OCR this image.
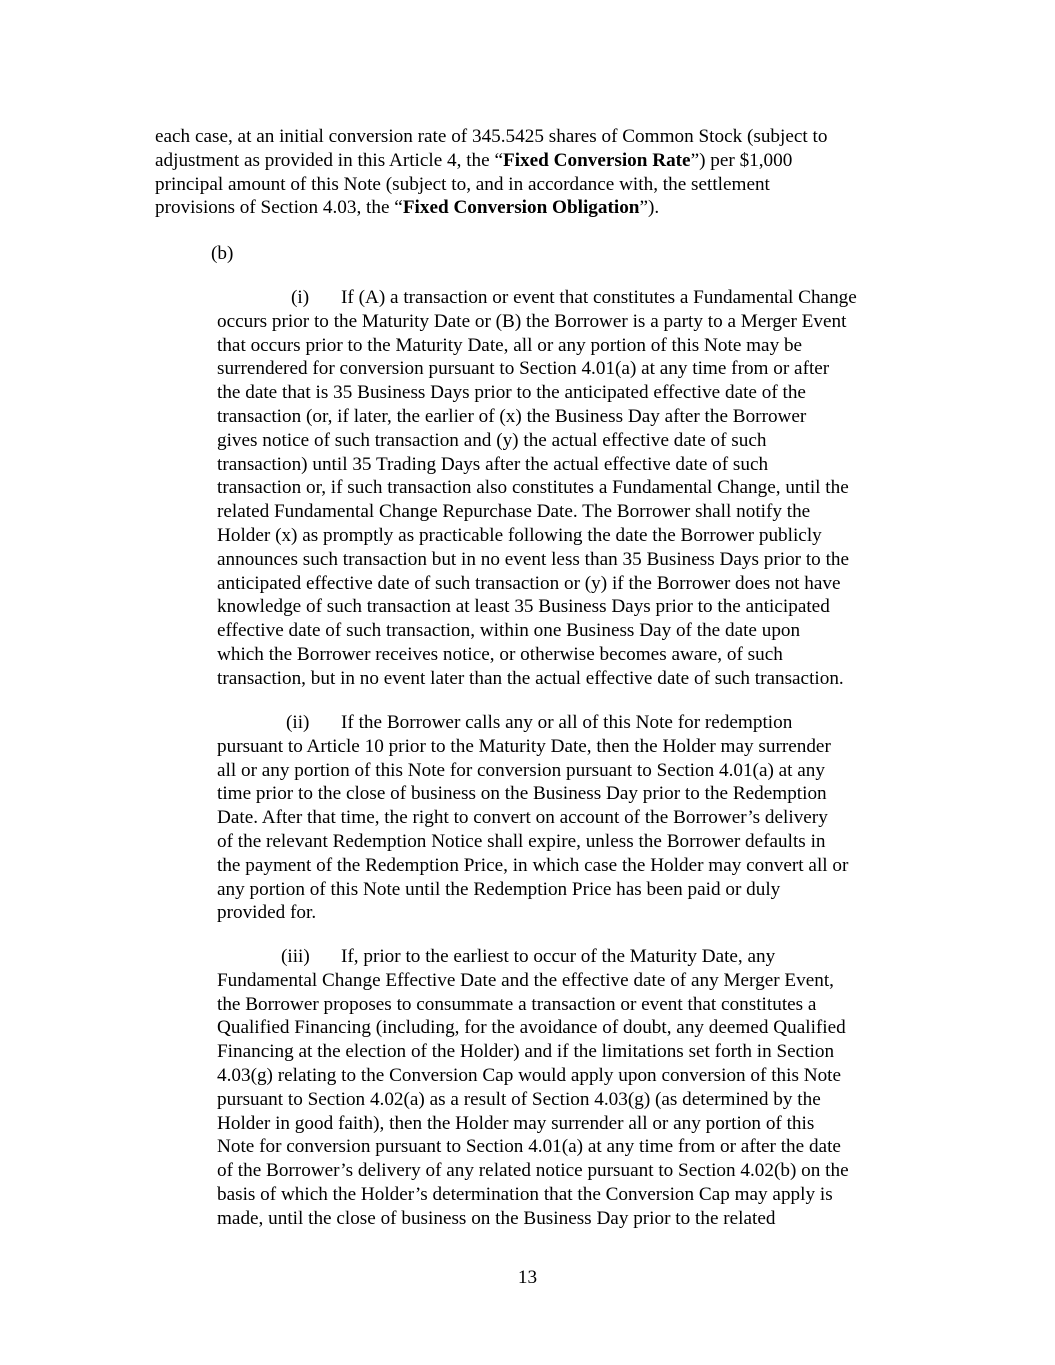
each case, at an initial conversion rate of 345.5425 shares of Common Stock (subject to
adjustment as provided in this Article 4, the “Fixed Conversion Rate”) per $1,000
principal amount of this Note (subject to, and in accordance with, the settlement
provisions of Section 4.03, the “Fixed Conversion Obligation”).
(b)
(i) If (A) a transaction or event that constitutes a Fundamental Change
occurs prior to the Maturity Date or (B) the Borrower is a party to a Merger Event
that occurs prior to the Maturity Date, all or any portion of this Note may be
surrendered for conversion pursuant to Section 4.01(a) at any time from or after
the date that is 35 Business Days prior to the anticipated effective date of the
transaction (or, if later, the earlier of (x) the Business Day after the Borrower
gives notice of such transaction and (y) the actual effective date of such
transaction) until 35 Trading Days after the actual effective date of such
transaction or, if such transaction also constitutes a Fundamental Change, until the
related Fundamental Change Repurchase Date. The Borrower shall notify the
Holder (x) as promptly as practicable following the date the Borrower publicly
announces such transaction but in no event less than 35 Business Days prior to the
anticipated effective date of such transaction or (y) if the Borrower does not have
knowledge of such transaction at least 35 Business Days prior to the anticipated
effective date of such transaction, within one Business Day of the date upon
which the Borrower receives notice, or otherwise becomes aware, of such
transaction, but in no event later than the actual effective date of such transaction.
(ii) If the Borrower calls any or all of this Note for redemption
pursuant to Article 10 prior to the Maturity Date, then the Holder may surrender
all or any portion of this Note for conversion pursuant to Section 4.01(a) at any
time prior to the close of business on the Business Day prior to the Redemption
Date. After that time, the right to convert on account of the Borrower’s delivery
of the relevant Redemption Notice shall expire, unless the Borrower defaults in
the payment of the Redemption Price, in which case the Holder may convert all or
any portion of this Note until the Redemption Price has been paid or duly
provided for.
(iii) If, prior to the earliest to occur of the Maturity Date, any
Fundamental Change Effective Date and the effective date of any Merger Event,
the Borrower proposes to consummate a transaction or event that constitutes a
Qualified Financing (including, for the avoidance of doubt, any deemed Qualified
Financing at the election of the Holder) and if the limitations set forth in Section
4.03(g) relating to the Conversion Cap would apply upon conversion of this Note
pursuant to Section 4.02(a) as a result of Section 4.03(g) (as determined by the
Holder in good faith), then the Holder may surrender all or any portion of this
Note for conversion pursuant to Section 4.01(a) at any time from or after the date
of the Borrower’s delivery of any related notice pursuant to Section 4.02(b) on the
basis of which the Holder’s determination that the Conversion Cap may apply is
made, until the close of business on the Business Day prior to the related
13
